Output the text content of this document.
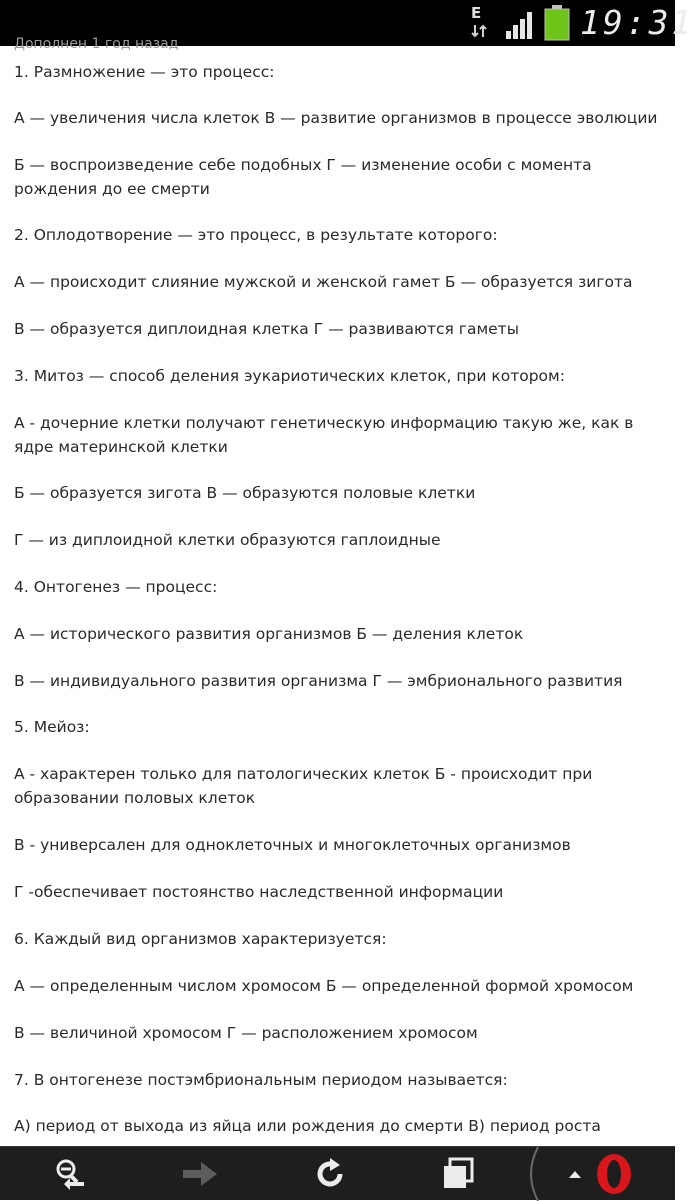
E	19:31
Дополнен 1 год назад
1. Размножение — это процесс:
А — увеличения числа клеток В — развитие организмов в процессе эволюции
Б — воспроизведение себе подобных Г — изменение особи с момента рождения до ее смерти
2. Оплодотворение — это процесс, в результате которого:
А — происходит слияние мужской и женской гамет Б — образуется зигота
В — образуется диплоидная клетка Г — развиваются гаметы
3. Митоз — способ деления эукариотических клеток, при котором:
А - дочерние клетки получают генетическую информацию такую же, как в ядре материнской клетки
Б — образуется зигота В — образуются половые клетки
Г — из диплоидной клетки образуются гаплоидные
4. Онтогенез — процесс:
А — исторического развития организмов Б — деления клеток
В — индивидуального развития организма Г — эмбрионального развития
5. Мейоз:
А - характерен только для патологических клеток Б - происходит при образовании половых клеток
В - универсален для одноклеточных и многоклеточных организмов
Г -обеспечивает постоянство наследственной информации
6. Каждый вид организмов характеризуется:
А — определенным числом хромосом Б — определенной формой хромосом
В — величиной хромосом Г — расположением хромосом
7. В онтогенезе постэмбриональным периодом называется:
А) период от выхода из яйца или рождения до смерти В) период роста
